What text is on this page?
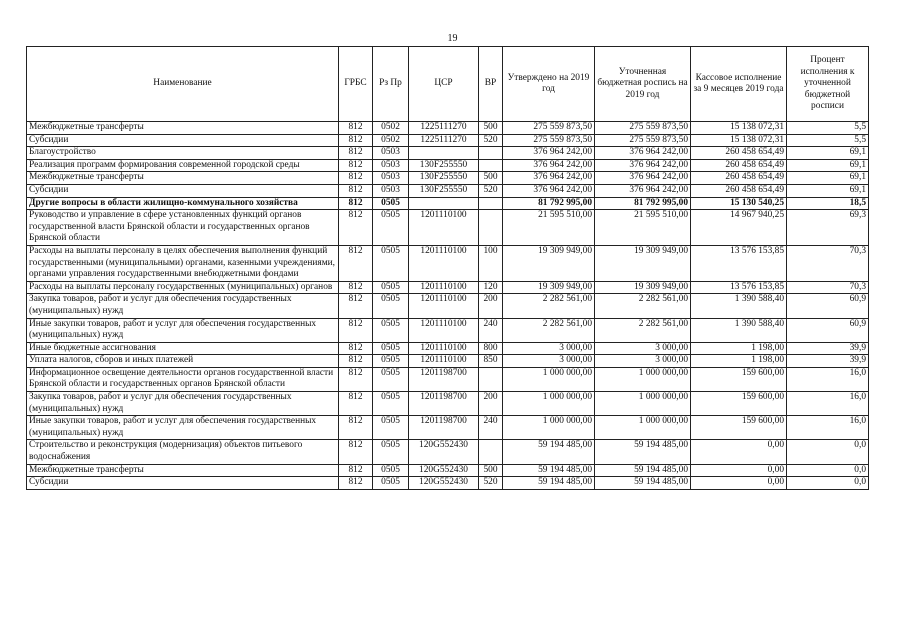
19
Наименование	ГРБС	Рз Пр	ЦСР	ВР	Утверждено на 2019 год	Уточненная бюджетная роспись на 2019 год	Кассовое исполнение за 9 месяцев 2019 года	Процент исполнения к уточненной бюджетной росписи
Межбюджетные трансферты	812	0502	1225111270	500	275 559 873,50	275 559 873,50	15 138 072,31	5,5
Субсидии	812	0502	1225111270	520	275 559 873,50	275 559 873,50	15 138 072,31	5,5
Благоустройство	812	0503			376 964 242,00	376 964 242,00	260 458 654,49	69,1
Реализация программ формирования современной городской среды	812	0503	130F255550		376 964 242,00	376 964 242,00	260 458 654,49	69,1
Межбюджетные трансферты	812	0503	130F255550	500	376 964 242,00	376 964 242,00	260 458 654,49	69,1
Субсидии	812	0503	130F255550	520	376 964 242,00	376 964 242,00	260 458 654,49	69,1
Другие вопросы в области жилищно-коммунального хозяйства	812	0505			81 792 995,00	81 792 995,00	15 130 540,25	18,5
Руководство и управление в сфере установленных функций органов государственной власти Брянской области и государственных органов Брянской области	812	0505	1201110100		21 595 510,00	21 595 510,00	14 967 940,25	69,3
Расходы на выплаты персоналу в целях обеспечения выполнения функций государственными (муниципальными) органами, казенными учреждениями, органами управления государственными внебюджетными фондами	812	0505	1201110100	100	19 309 949,00	19 309 949,00	13 576 153,85	70,3
Расходы на выплаты персоналу государственных (муниципальных) органов	812	0505	1201110100	120	19 309 949,00	19 309 949,00	13 576 153,85	70,3
Закупка товаров, работ и услуг для обеспечения государственных (муниципальных) нужд	812	0505	1201110100	200	2 282 561,00	2 282 561,00	1 390 588,40	60,9
Иные закупки товаров, работ и услуг для обеспечения государственных (муниципальных) нужд	812	0505	1201110100	240	2 282 561,00	2 282 561,00	1 390 588,40	60,9
Иные бюджетные ассигнования	812	0505	1201110100	800	3 000,00	3 000,00	1 198,00	39,9
Уплата налогов, сборов и иных платежей	812	0505	1201110100	850	3 000,00	3 000,00	1 198,00	39,9
Информационное освещение деятельности органов государственной власти Брянской области и государственных органов Брянской области	812	0505	1201198700		1 000 000,00	1 000 000,00	159 600,00	16,0
Закупка товаров, работ и услуг для обеспечения государственных (муниципальных) нужд	812	0505	1201198700	200	1 000 000,00	1 000 000,00	159 600,00	16,0
Иные закупки товаров, работ и услуг для обеспечения государственных (муниципальных) нужд	812	0505	1201198700	240	1 000 000,00	1 000 000,00	159 600,00	16,0
Строительство и реконструкция (модернизация) объектов питьевого водоснабжения	812	0505	120G552430		59 194 485,00	59 194 485,00	0,00	0,0
Межбюджетные трансферты	812	0505	120G552430	500	59 194 485,00	59 194 485,00	0,00	0,0
Субсидии	812	0505	120G552430	520	59 194 485,00	59 194 485,00	0,00	0,0
